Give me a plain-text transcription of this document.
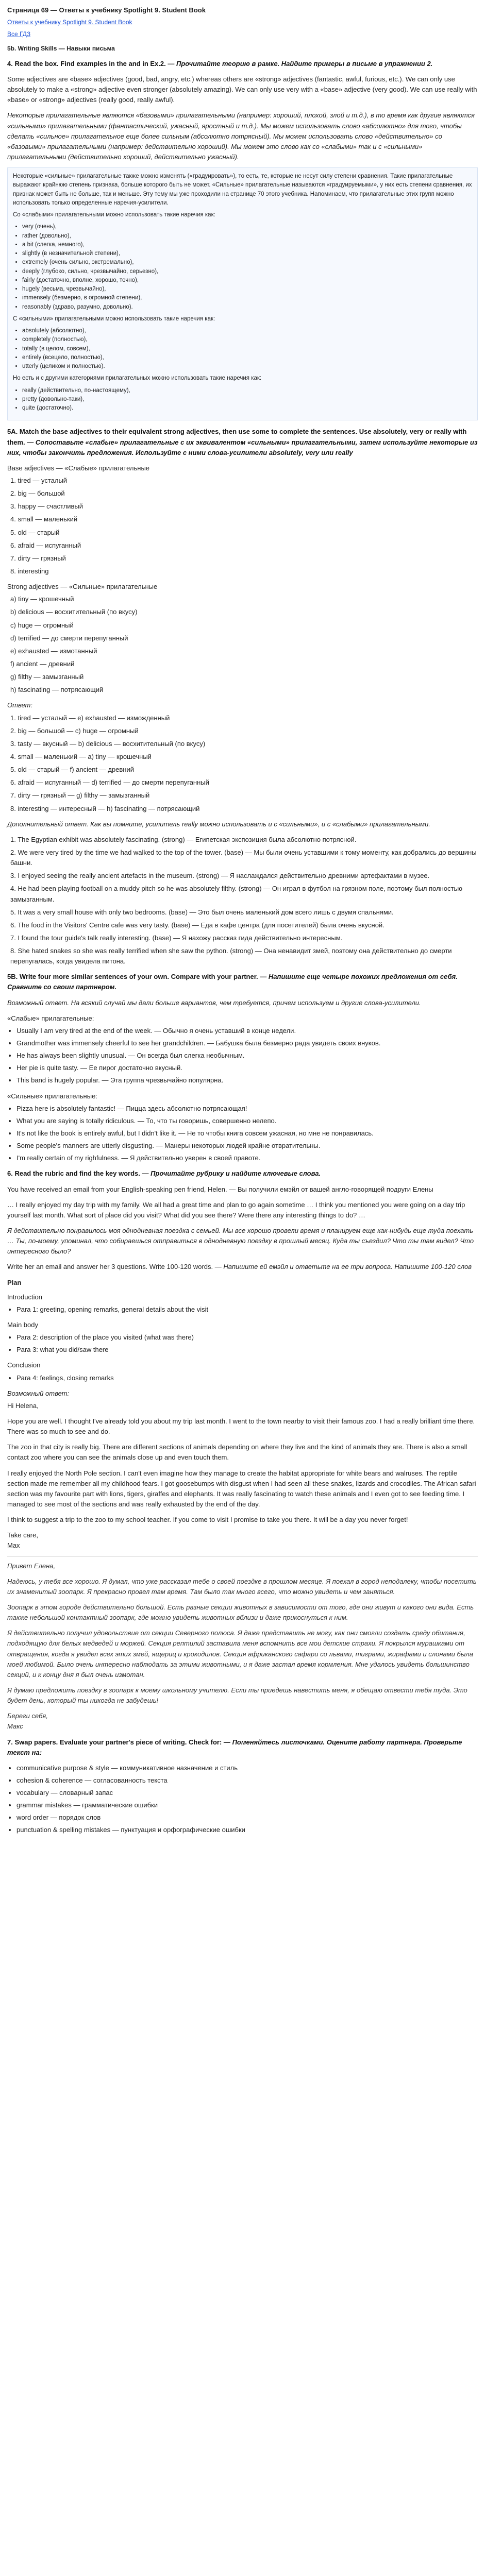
Страница 69 — Ответы к учебнику Spotlight 9. Student Book
Ответы к учебнику Spotlight 9. Student Book
Все ГДЗ
5b. Writing Skills — Навыки письма

4. Read the box. Find examples in the and in Ex.2. — Прочитайте теорию в рамке. Найдите примеры в письме в упражнении 2.

Some adjectives are «base» adjectives (good, bad, angry, etc.) whereas others are «strong» adjectives (fantastic, awful, furious, etc.). We can only use absolutely to make a «strong» adjective even stronger (absolutely amazing). We can only use very with a «base» adjective (very good). We can use really with «base» or «strong» adjectives (really good, really awful).

Некоторые прилагательные являются «базовыми» прилагательными (например: хороший, плохой, злой и т.д.), в то время как другие являются «сильными» прилагательными (фантастический, ужасный, яростный и т.д.). Мы можем использовать слово «абсолютно» для того, чтобы сделать «сильное» прилагательное еще более сильным (абсолютно потрясный). Мы можем использовать слово «действительно» со «базовыми» прилагательными (например: действительно хороший). Мы можем это слово как со «слабыми» так и с «сильными» прилагательными (действительно хороший, действительно ужасный).

Некоторые «сильные» прилагательные также можно изменять («градуировать»), то есть, те, которые не несут силу степени сравнения. Такие прилагательные выражают крайнюю степень признака, больше которого быть не может. «Сильные» прилагательные называются «градуируемыми», у них есть степени сравнения, их признак может быть не больше, так и меньше. Эту тему мы уже проходили на странице 70 этого учебника. Напоминаем, что прилагательные этих групп можно использовать только определенные наречия-усилители.

Со «слабыми» прилагательными можно использовать такие наречия как:

• very (очень),
• rather (довольно),
• a bit (слегка, немного),
• slightly (в незначительной степени),
• extremely (очень сильно, экстремально),
• deeply (глубоко, сильно, чрезвычайно, серьезно),
• fairly (достаточно, вполне, хорошо, точно),
• hugely (весьма, чрезвычайно),
• immensely (безмерно, в огромной степени),
• reasonably (здраво, разумно, довольно).

С «сильными» прилагательными можно использовать такие наречия как:

• absolutely (абсолютно),
• completely (полностью),
• totally (в целом, совсем),
• entirely (всецело, полностью),
• utterly (целиком и полностью).

Но есть и с другими категориями прилагательных можно использовать такие наречия как:

• really (действительно, по-настоящему),
• pretty (довольно-таки),
• quite (достаточно).

5A. Match the base adjectives to their equivalent strong adjectives, then use some to complete the sentences. Use absolutely, very or really with them. — Сопоставьте «слабые» прилагательные с их эквивалентом «сильными» прилагательными, затем используйте некоторые из них, чтобы закончить предложения. Используйте с ними слова-усилители absolutely, very или really

Base adjectives — «Слабые» прилагательные
1. tired — усталый
2. big — большой
3. happy — счастливый
4. small — маленький
5. old — старый
6. afraid — испуганный
7. dirty — грязный
8. interesting
Strong adjectives — «Сильные» прилагательные
a) tiny — крошечный
b) delicious — восхитительный (по вкусу)
c) huge — огромный
d) terrified — до смерти перепуганный
e) exhausted — измотанный
f) ancient — древний
g) filthy — замызганный
h) fascinating — потрясающий
Ответ:
1. tired — усталый — e) exhausted — изможденный
2. big — большой — c) huge — огромный
3. tasty — вкусный — b) delicious — восхитительный (по вкусу)
4. small — маленький — a) tiny — крошечный
5. old — старый — f) ancient — древний
6. afraid — испуганный — d) terrified — до смерти перепуганный
7. dirty — грязный — g) filthy — замызганный
8. interesting — интересный — h) fascinating — потрясающий

Дополнительный ответ. Как вы помните, усилитель really можно использовать и с «сильными», и с «слабыми» прилагательными.

1. The Egyptian exhibit was absolutely fascinating. (strong) — Египетская экспозиция была абсолютно потрясной.
2. We were very tired by the time we had walked to the top of the tower. (base) — Мы были очень уставшими к тому моменту, как добрались до вершины башни.
3. I enjoyed seeing the really ancient artefacts in the museum. (strong) — Я наслаждался действительно древними артефактами в музее.
4. He had been playing football on a muddy pitch so he was absolutely filthy. (strong) — Он играл в футбол на грязном поле, поэтому был полностью замызганным.
5. It was a very small house with only two bedrooms. (base) — Это был очень маленький дом всего лишь с двумя спальнями.
6. The food in the Visitors' Centre cafe was very tasty. (base) — Еда в кафе центра (для посетителей) была очень вкусной.
7. I found the tour guide's talk really interesting. (base) — Я нахожу рассказ гида действительно интересным.
8. She hated snakes so she was really terrified when she saw the python. (strong) — Она ненавидит змей, поэтому она действительно до смерти перепугалась, когда увидела питона.

5B. Write four more similar sentences of your own. Compare with your partner. — Напишите еще четыре похожих предложения от себя. Сравните со своим партнером.

Возможный ответ. На всякий случай мы дали больше вариантов, чем требуется, причем используем и другие слова-усилители.

«Слабые» прилагательные:
• Usually I am very tired at the end of the week. — Обычно я очень уставший в конце недели.
• Grandmother was immensely cheerful to see her grandchildren. — Бабушка была безмерно рада увидеть своих внуков.
• He has always been slightly unusual. — Он всегда был слегка необычным.
• Her pie is quite tasty. — Ее пирог достаточно вкусный.
• This band is hugely popular. — Эта группа чрезвычайно популярна.
«Сильные» прилагательные:
• Pizza here is absolutely fantastic! — Пицца здесь абсолютно потрясающая!
• What you are saying is totally ridiculous. — То, что ты говоришь, совершенно нелепо.
• It's not like the book is entirely awful, but I didn't like it. — Не то чтобы книга совсем ужасная, но мне не понравилась.
• Some people's manners are utterly disgusting. — Манеры некоторых людей крайне отвратительны.
• I'm really certain of my righfulness. — Я действительно уверен в своей правоте.

6. Read the rubric and find the key words. — Прочитайте рубрику и найдите ключевые слова.

You have received an email from your English-speaking pen friend, Helen. — Вы получили емэйл от вашей англо-говорящей подруги Елены

… I really enjoyed my day trip with my family. We all had a great time and plan to go again sometime … I think you mentioned you were going on a day trip yourself last month. What sort of place did you visit? What did you see there? Were there any interesting things to do? …

Я действительно понравилось моя однодневная поездка с семьей. Мы все хорошо провели время и планируем еще как-нибудь еще туда поехать … Ты, по-моему, упоминал, что собираешься отправиться в однодневную поездку в прошлый месяц. Куда ты съездил? Что ты там видел? Что интересного было?

Write her an email and answer her 3 questions. Write 100-120 words. — Напишите ей емэйл и ответьте на ее три вопроса. Напишите 100-120 слов

Plan
Introduction
• Para 1: greeting, opening remarks, general details about the visit
Main body
• Para 2: description of the place you visited (what was there)
• Para 3: what you did/saw there
Conclusion
• Para 4: feelings, closing remarks
Возможный ответ:

Hi Helena,

Hope you are well. I thought I've already told you about my trip last month. I went to the town nearby to visit their famous zoo. I had a really brilliant time there. There was so much to see and do.

The zoo in that city is really big. There are different sections of animals depending on where they live and the kind of animals they are. There is also a small contact zoo where you can see the animals close up and even touch them.

I really enjoyed the North Pole section. I can't even imagine how they manage to create the habitat appropriate for white bears and walruses. The reptile section made me remember all my childhood fears. I got goosebumps with disgust when I had seen all these snakes, lizards and crocodiles. The African safari section was my favourite part with lions, tigers, giraffes and elephants. It was really fascinating to watch these animals and I even got to see feeding time. I managed to see most of the sections and was really exhausted by the end of the day.

I think to suggest a trip to the zoo to my school teacher. If you come to visit I promise to take you there. It will be a day you never forget!

Take care,

Max

Привет Елена,

Надеюсь, у тебя все хорошо. Я думал, что уже рассказал тебе о своей поездке в прошлом месяце. Я поехал в город неподалеку, чтобы посетить их знаменитый зоопарк. Я прекрасно провел там время. Там было так много всего, что можно увидеть и чем заняться.

Зоопарк в этом городе действительно большой. Есть разные секции животных в зависимости от того, где они живут и какого они вида. Есть также небольшой контактный зоопарк, где можно увидеть животных вблизи и даже прикоснуться к ним.

Я действительно получил удовольствие от секции Северного полюса. Я даже представить не могу, как они смогли создать среду обитания, подходящую для белых медведей и моржей. Секция рептилий заставила меня вспомнить все мои детские страхи. Я покрылся мурашками от отвращения, когда я увидел всех этих змей, ящериц и крокодилов. Секция африканского сафари со львами, тиграми, жирафами и слонами была моей любимой. Было очень интересно наблюдать за этими животными, и я даже застал время кормления. Мне удалось увидеть большинство секций, и к концу дня я был очень измотан.

Я думаю предложить поездку в зоопарк к моему школьному учителю. Если ты приедешь навестить меня, я обещаю отвести тебя туда. Это будет день, который ты никогда не забудешь!

Береги себя,

Макс

7. Swap papers. Evaluate your partner's piece of writing. Check for: — Поменяйтесь листочками. Оцените работу партнера. Проверьте текст на:

• communicative purpose & style — коммуникативное назначение и стиль
• cohesion & coherence — согласованность текста
• vocabulary — словарный запас
• grammar mistakes — грамматические ошибки
• word order — порядок слов
• punctuation & spelling mistakes — пунктуация и орфографические ошибки
